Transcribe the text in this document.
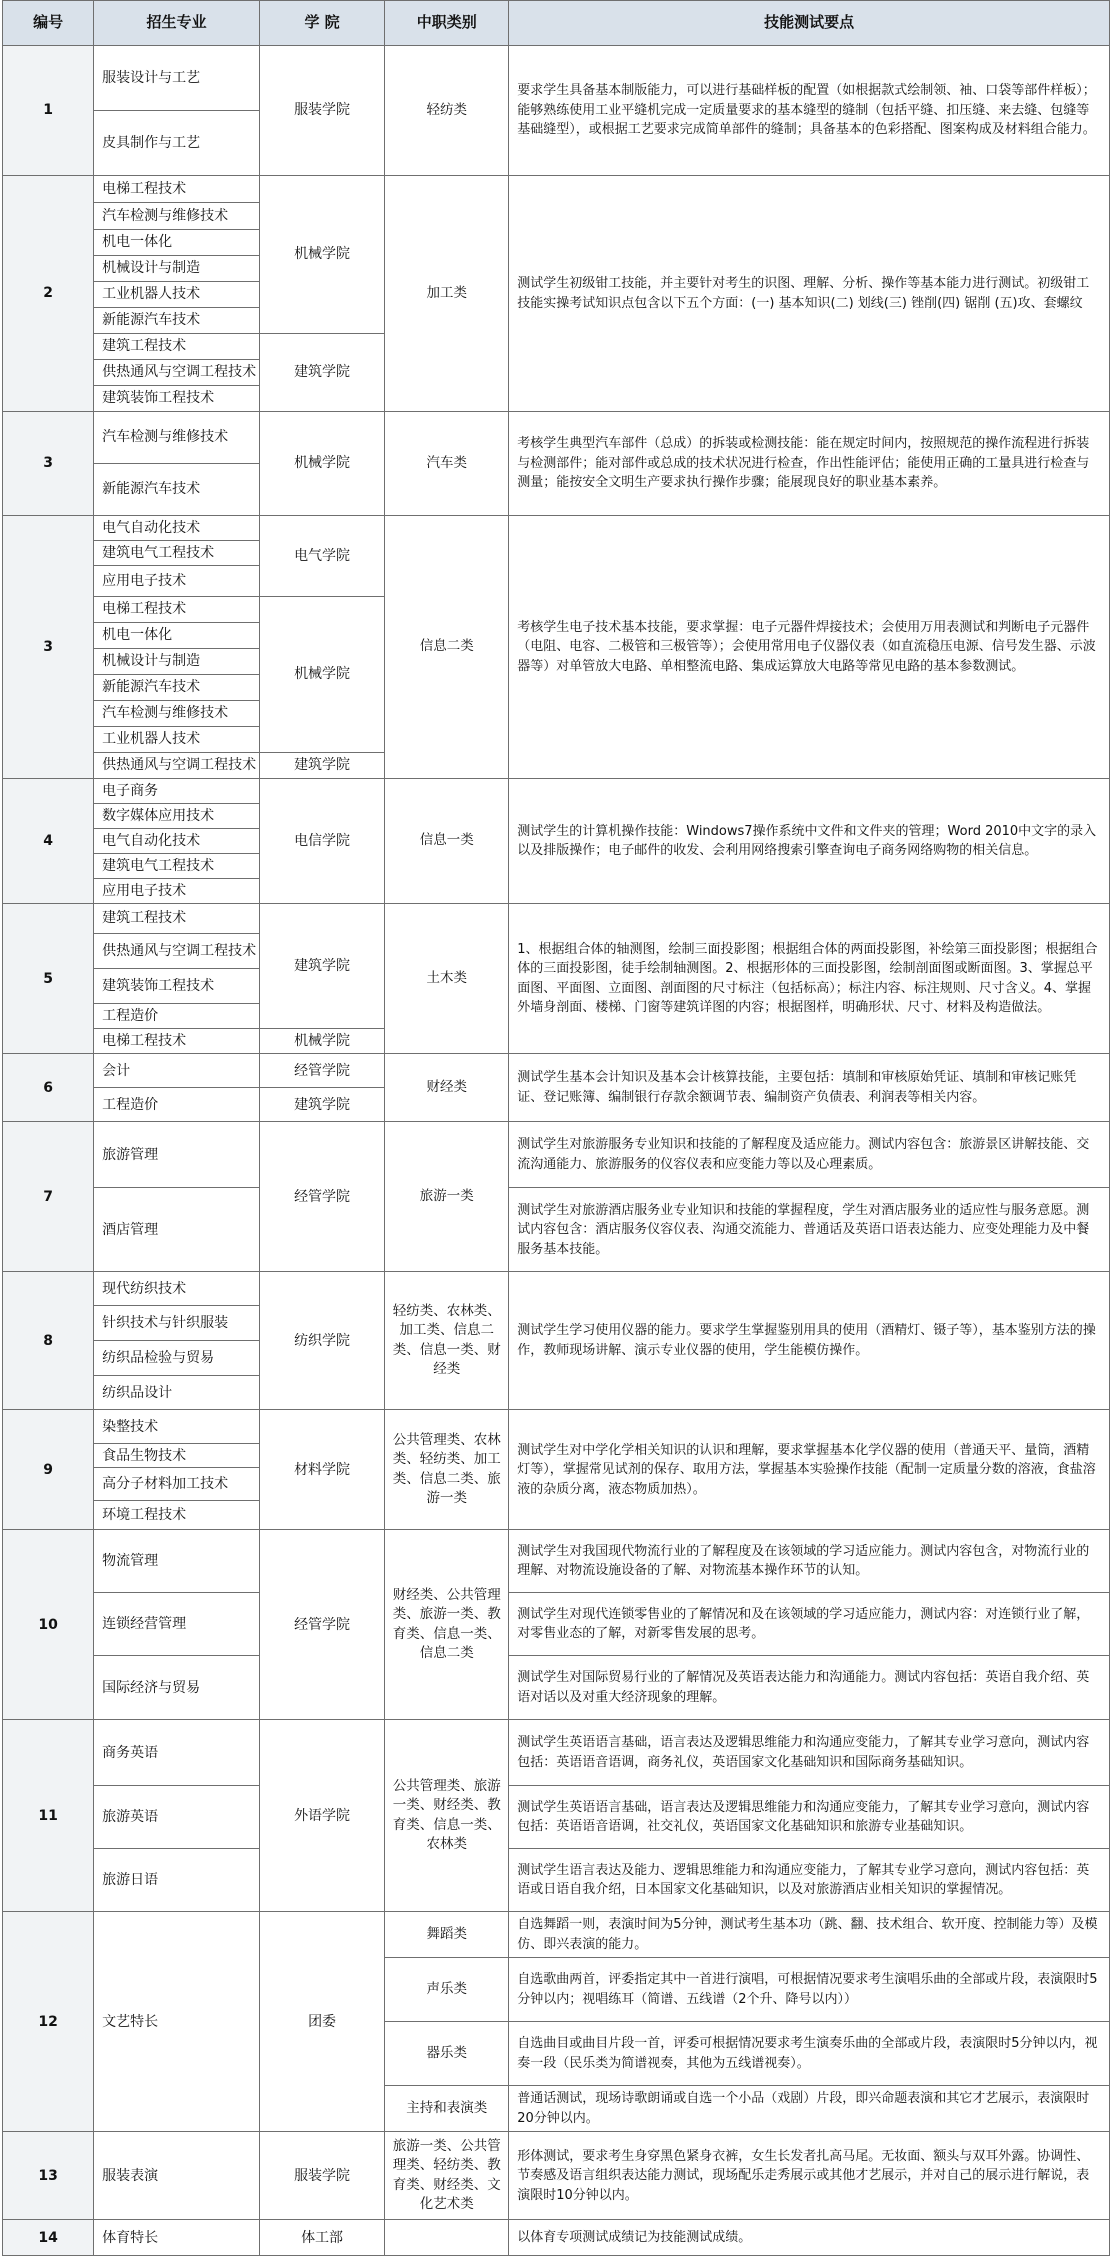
编号	招生专业	学 院	中职类别	技能测试要点
1	服装设计与工艺	服装学院	轻纺类	要求学生具备基本制版能力，可以进行基础样板的配置（如根据款式绘制领、袖、口袋等部件样板）；能够熟练使用工业平缝机完成一定质量要求的基本缝型的缝制（包括平缝、扣压缝、来去缝、包缝等基础缝型），或根据工艺要求完成简单部件的缝制；具备基本的色彩搭配、图案构成及材料组合能力。
	皮具制作与工艺			
2	电梯工程技术	机械学院	加工类	测试学生初级钳工技能，并主要针对考生的识图、理解、分析、操作等基本能力进行测试。初级钳工技能实操考试知识点包含以下五个方面：(一) 基本知识(二) 划线(三) 锉削(四) 锯削 (五)攻、套螺纹
	汽车检测与维修技术			
	机电一体化			
	机械设计与制造			
	工业机器人技术			
	新能源汽车技术			
	建筑工程技术	建筑学院		
	供热通风与空调工程技术			
	建筑装饰工程技术			
3	汽车检测与维修技术	机械学院	汽车类	考核学生典型汽车部件（总成）的拆装或检测技能：能在规定时间内，按照规范的操作流程进行拆装与检测部件；能对部件或总成的技术状况进行检查，作出性能评估；能使用正确的工量具进行检查与测量；能按安全文明生产要求执行操作步骤；能展现良好的职业基本素养。
	新能源汽车技术			
3	电气自动化技术	电气学院	信息二类	考核学生电子技术基本技能，要求掌握：电子元器件焊接技术；会使用万用表测试和判断电子元器件（电阻、电容、二极管和三极管等）；会使用常用电子仪器仪表（如直流稳压电源、信号发生器、示波器等）对单管放大电路、单相整流电路、集成运算放大电路等常见电路的基本参数测试。
	建筑电气工程技术			
	应用电子技术			
	电梯工程技术	机械学院		
	机电一体化			
	机械设计与制造			
	新能源汽车技术			
	汽车检测与维修技术			
	工业机器人技术			
	供热通风与空调工程技术	建筑学院		
4	电子商务	电信学院	信息一类	测试学生的计算机操作技能：Windows7操作系统中文件和文件夹的管理；Word 2010中文字的录入以及排版操作；电子邮件的收发、会利用网络搜索引擎查询电子商务网络购物的相关信息。
	数字媒体应用技术			
	电气自动化技术			
	建筑电气工程技术			
	应用电子技术			
5	建筑工程技术	建筑学院	土木类	1、根据组合体的轴测图，绘制三面投影图；根据组合体的两面投影图，补绘第三面投影图；根据组合体的三面投影图，徒手绘制轴测图。2、根据形体的三面投影图，绘制剖面图或断面图。3、掌握总平面图、平面图、立面图、剖面图的尺寸标注（包括标高）；标注内容、标注规则、尺寸含义。4、掌握外墙身剖面、楼梯、门窗等建筑详图的内容；根据图样，明确形状、尺寸、材料及构造做法。
	供热通风与空调工程技术			
	建筑装饰工程技术			
	工程造价			
	电梯工程技术	机械学院		
6	会计	经管学院	财经类	测试学生基本会计知识及基本会计核算技能，主要包括：填制和审核原始凭证、填制和审核记账凭证、登记账簿、编制银行存款余额调节表、编制资产负债表、利润表等相关内容。
	工程造价	建筑学院		
7	旅游管理	经管学院	旅游一类	测试学生对旅游服务专业知识和技能的了解程度及适应能力。测试内容包含：旅游景区讲解技能、交流沟通能力、旅游服务的仪容仪表和应变能力等以及心理素质。
	酒店管理			测试学生对旅游酒店服务业专业知识和技能的掌握程度，学生对酒店服务业的适应性与服务意愿。测试内容包含：酒店服务仪容仪表、沟通交流能力、普通话及英语口语表达能力、应变处理能力及中餐服务基本技能。
8	现代纺织技术	纺织学院	轻纺类、农林类、加工类、信息二类、信息一类、财经类	测试学生学习使用仪器的能力。要求学生掌握鉴别用具的使用（酒精灯、镊子等），基本鉴别方法的操作，教师现场讲解、演示专业仪器的使用，学生能模仿操作。
	针织技术与针织服装			
	纺织品检验与贸易			
	纺织品设计			
9	染整技术	材料学院	公共管理类、农林类、轻纺类、加工类、信息二类、旅游一类	测试学生对中学化学相关知识的认识和理解，要求掌握基本化学仪器的使用（普通天平、量筒，酒精灯等），掌握常见试剂的保存、取用方法，掌握基本实验操作技能（配制一定质量分数的溶液，食盐溶液的杂质分离，液态物质加热）。
	食品生物技术			
	高分子材料加工技术			
	环境工程技术			
10	物流管理	经管学院	财经类、公共管理类、旅游一类、教育类、信息一类、信息二类	测试学生对我国现代物流行业的了解程度及在该领域的学习适应能力。测试内容包含，对物流行业的理解、对物流设施设备的了解、对物流基本操作环节的认知。
	连锁经营管理			测试学生对现代连锁零售业的了解情况和及在该领域的学习适应能力，测试内容：对连锁行业了解，对零售业态的了解，对新零售发展的思考。
	国际经济与贸易			测试学生对国际贸易行业的了解情况及英语表达能力和沟通能力。测试内容包括：英语自我介绍、英语对话以及对重大经济现象的理解。
11	商务英语	外语学院	公共管理类、旅游一类、财经类、教育类、信息一类、农林类	测试学生英语语言基础，语言表达及逻辑思维能力和沟通应变能力，了解其专业学习意向，测试内容包括：英语语音语调，商务礼仪，英语国家文化基础知识和国际商务基础知识。
	旅游英语			测试学生英语语言基础，语言表达及逻辑思维能力和沟通应变能力，了解其专业学习意向，测试内容包括：英语语音语调，社交礼仪，英语国家文化基础知识和旅游专业基础知识。
	旅游日语			测试学生语言表达及能力、逻辑思维能力和沟通应变能力，了解其专业学习意向，测试内容包括：英语或日语自我介绍，日本国家文化基础知识，以及对旅游酒店业相关知识的掌握情况。
12	文艺特长	团委	舞蹈类	自选舞蹈一则，表演时间为5分钟，测试考生基本功（跳、翻、技术组合、软开度、控制能力等）及模仿、即兴表演的能力。
			声乐类	自选歌曲两首，评委指定其中一首进行演唱，可根据情况要求考生演唱乐曲的全部或片段，表演限时5分钟以内；视唱练耳（简谱、五线谱（2个升、降号以内））
			器乐类	自选曲目或曲目片段一首，评委可根据情况要求考生演奏乐曲的全部或片段，表演限时5分钟以内，视奏一段（民乐类为简谱视奏，其他为五线谱视奏）。
			主持和表演类	普通话测试，现场诗歌朗诵或自选一个小品（戏剧）片段，即兴命题表演和其它才艺展示，表演限时20分钟以内。
13	服装表演	服装学院	旅游一类、公共管理类、轻纺类、教育类、财经类、文化艺术类	形体测试，要求考生身穿黑色紧身衣裤，女生长发者扎高马尾。无妆面、额头与双耳外露。协调性、节奏感及语言组织表达能力测试，现场配乐走秀展示或其他才艺展示，并对自己的展示进行解说，表演限时10分钟以内。
14	体育特长	体工部		以体育专项测试成绩记为技能测试成绩。
